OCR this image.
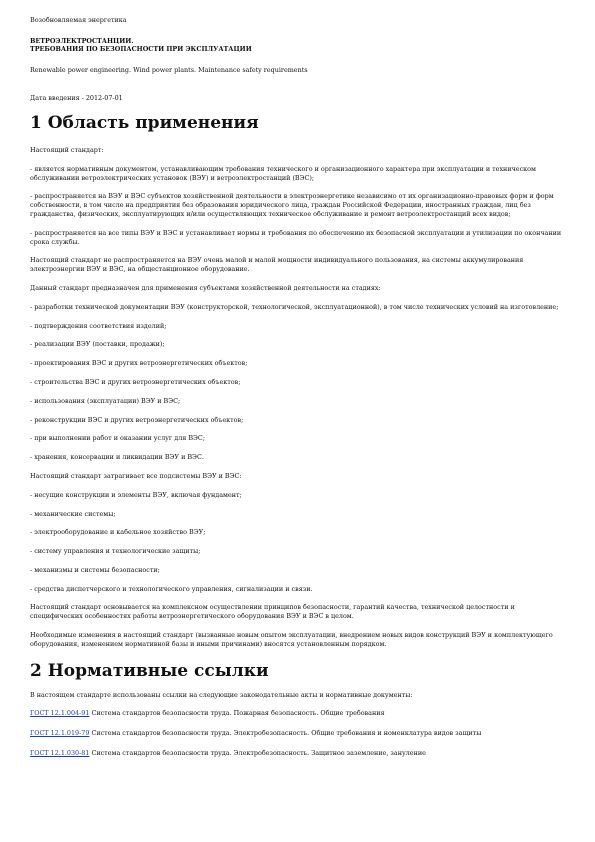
Возобновляемая энергетика

ВЕТРОЭЛЕКТРОСТАНЦИИ.

ТРЕБОВАНИЯ ПО БЕЗОПАСНОСТИ ПРИ ЭКСПЛУАТАЦИИ

Renewable power engineering. Wind power plants. Maintenance safety requirements

Дата введения - 2012-07-01

1 Область применения

Настоящий стандарт:

- является нормативным документом, устанавливающим требования технического и организационного характера при эксплуатации и техническом обслуживании ветроэлектрических установок (ВЭУ) и ветроэлектростанций (ВЭС);

- распространяется на ВЭУ и ВЭС субъектов хозяйственной деятельности в электроэнергетике независимо от их организационно-правовых форм и форм собственности, в том числе на предприятия без образования юридического лица, граждан Российской Федерации, иностранных граждан, лиц без гражданства, физических, эксплуатирующих и/или осуществляющих техническое обслуживание и ремонт ветроэлектростанций всех видов;

- распространяется на все типы ВЭУ и ВЭС и устанавливает нормы и требования по обеспечению их безопасной эксплуатации и утилизации по окончании срока службы.

Настоящий стандарт не распространяется на ВЭУ очень малой и малой мощности индивидуального пользования, на системы аккумулирования электроэнергии ВЭУ и ВЭС, на общестанционное оборудование.

Данный стандарт предназначен для применения субъектами хозяйственной деятельности на стадиях:

- разработки технической документации ВЭУ (конструкторской, технологической, эксплуатационной), в том числе технических условий на изготовление;

- подтверждения соответствия изделий;

- реализации ВЭУ (поставки, продажи);

- проектирования ВЭС и других ветроэнергетических объектов;

- строительства ВЭС и других ветроэнергетических объектов;

- использования (эксплуатации) ВЭУ и ВЭС;

- реконструкции ВЭС и других ветроэнергетических объектов;

- при выполнении работ и оказании услуг для ВЭС;

- хранения, консервации и ликвидации ВЭУ и ВЭС.

Настоящий стандарт затрагивает все подсистемы ВЭУ и ВЭС:

- несущие конструкции и элементы ВЭУ, включая фундамент;

- механические системы;

- электрооборудование и кабельное хозяйство ВЭУ;

- систему управления и технологические защиты;

- механизмы и системы безопасности;

- средства диспетчерского и технологического управления, сигнализации и связи.

Настоящий стандарт основывается на комплексном осуществлении принципов безопасности, гарантий качества, технической целостности и специфических особенностях работы ветроэнергетического оборудования ВЭУ и ВЭС в целом.

Необходимые изменения в настоящий стандарт (вызванные новым опытом эксплуатации, внедрением новых видов конструкций ВЭУ и комплектующего оборудования, изменением нормативной базы и иными причинами) вносятся установленным порядком.

2 Нормативные ссылки

В настоящем стандарте использованы ссылки на следующие законодательные акты и нормативные документы:

ГОСТ 12.1.004-91 Система стандартов безопасности труда. Пожарная безопасность. Общие требования

ГОСТ 12.1.019-79 Система стандартов безопасности труда. Электробезопасность. Общие требования и номенклатура видов защиты

ГОСТ 12.1.030-81 Система стандартов безопасности труда. Электробезопасность. Защитное заземление, зануление
